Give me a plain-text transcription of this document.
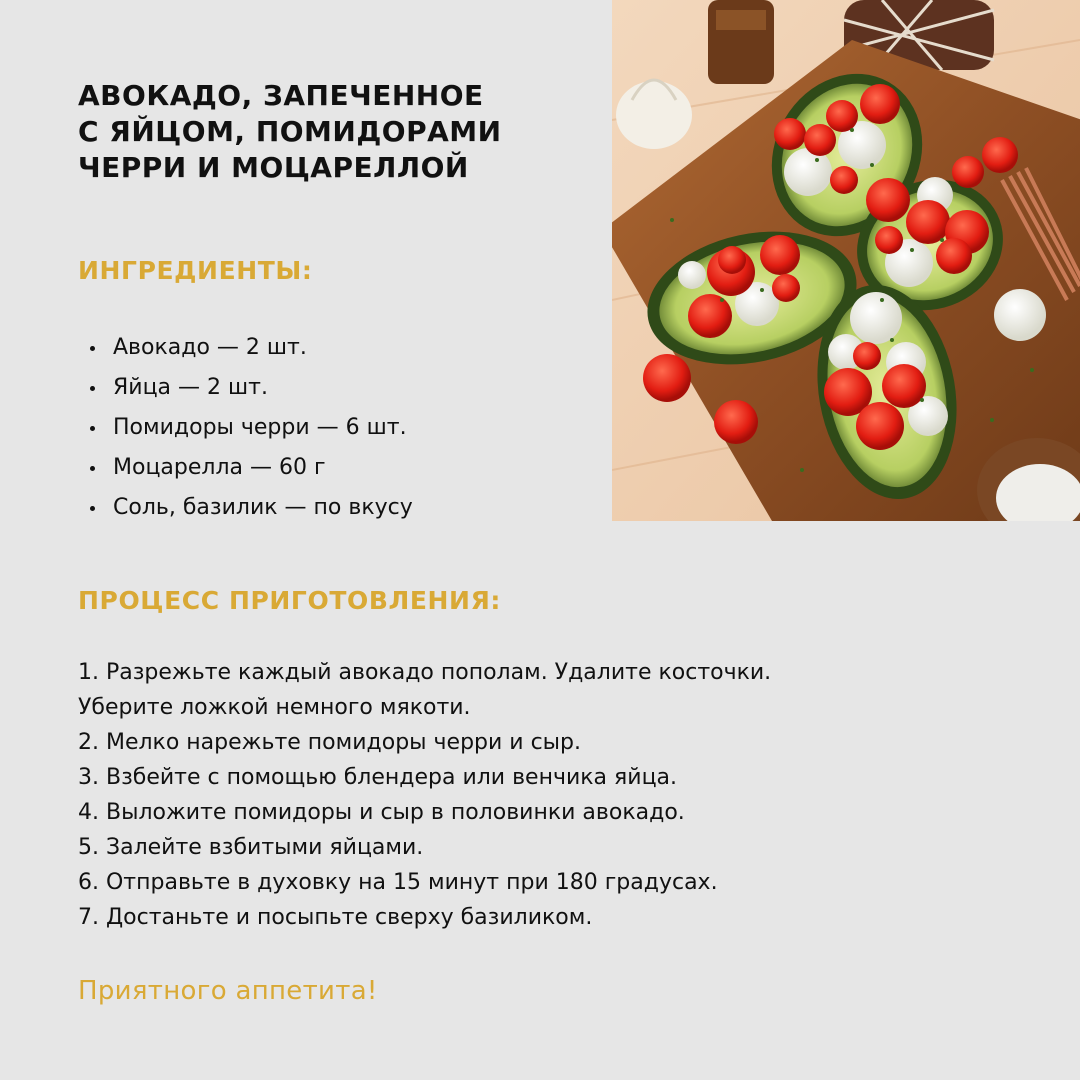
АВОКАДО, ЗАПЕЧЕННОЕ
С ЯЙЦОМ, ПОМИДОРАМИ
ЧЕРРИ И МОЦАРЕЛЛОЙ
ИНГРЕДИЕНТЫ:
Авокадо — 2 шт.
Яйца — 2 шт.
Помидоры черри — 6 шт.
Моцарелла — 60 г
Соль, базилик — по вкусу
ПРОЦЕСС ПРИГОТОВЛЕНИЯ:

1. Разрежьте каждый авокадо пополам. Удалите косточки.

Уберите ложкой немного мякоти.

2. Мелко нарежьте помидоры черри и сыр.

3. Взбейте с помощью блендера или венчика яйца.

4. Выложите помидоры и сыр в половинки авокадо.

5. Залейте взбитыми яйцами.

6. Отправьте в духовку на 15 минут при 180 градусах.

7. Достаньте и посыпьте сверху базиликом.

Приятного аппетита!
